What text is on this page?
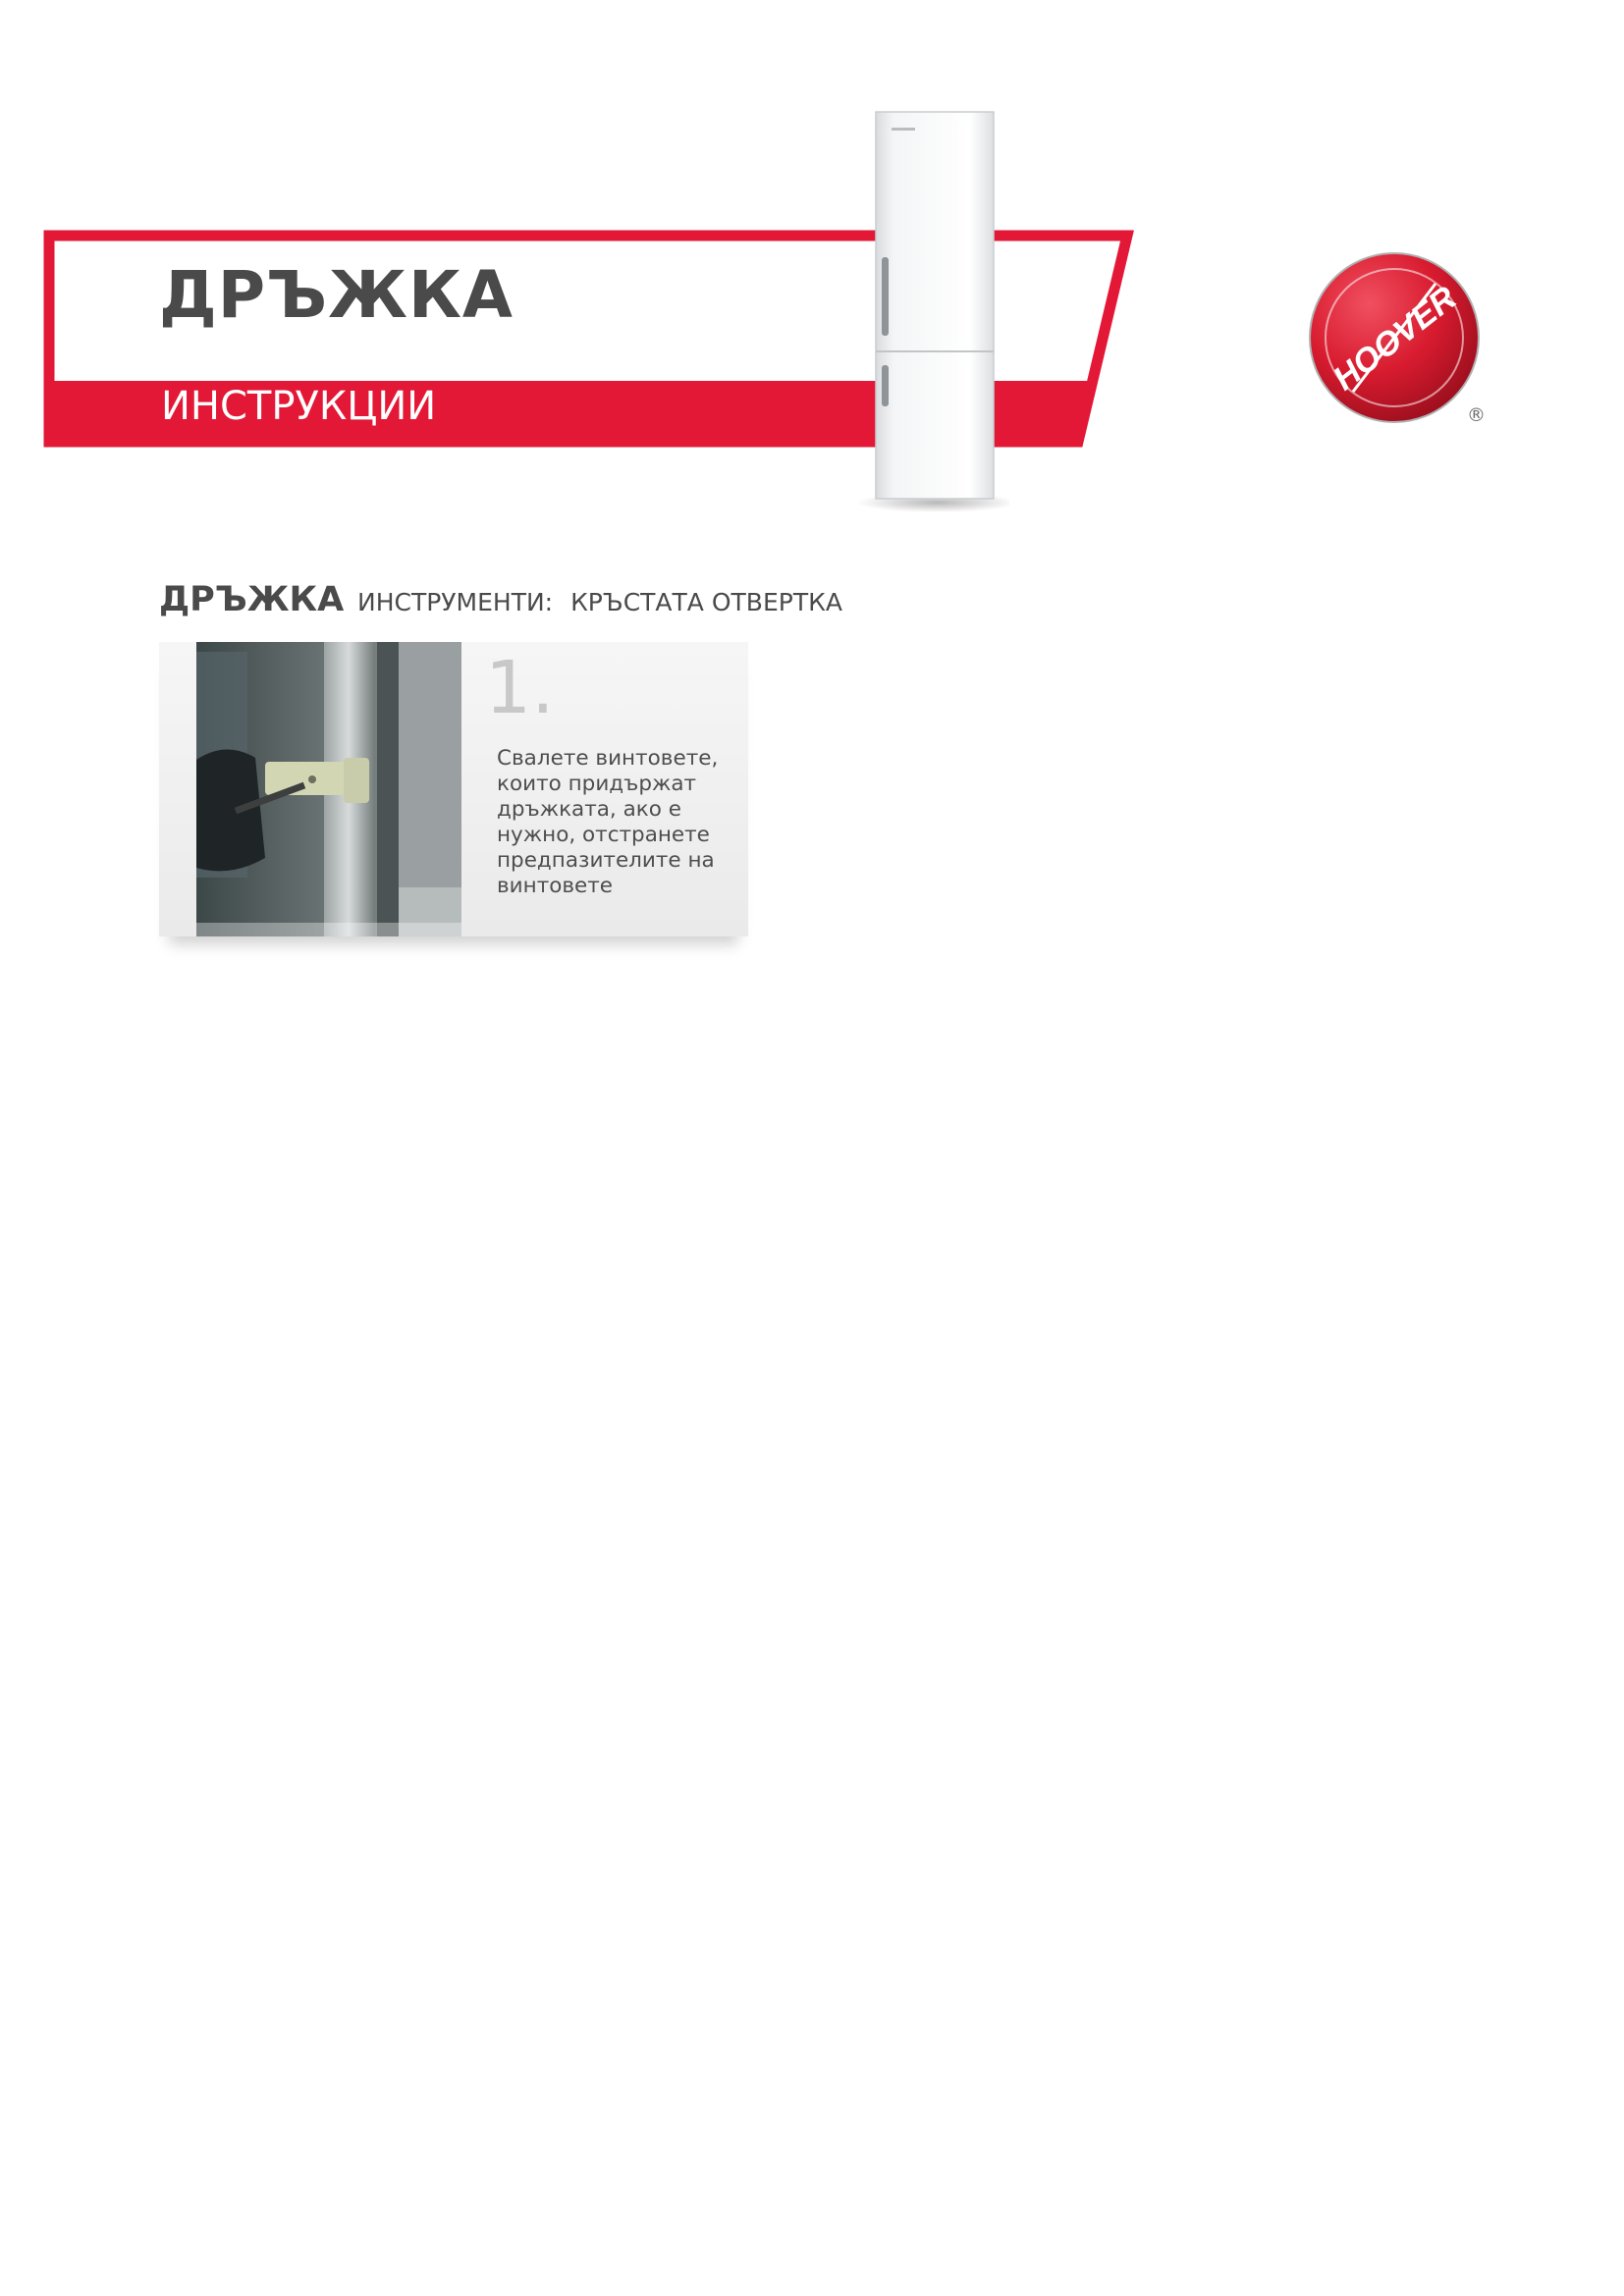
ДРЪЖКА
ИНСТРУКЦИИ	®
ДРЪЖКА ИНСТРУМЕНТИ: КРЪСТАТА ОТВЕРТКА
1.
Свалете винтовете, които придържат дръжката, ако е нужно, отстранете предпазителите на винтовете
